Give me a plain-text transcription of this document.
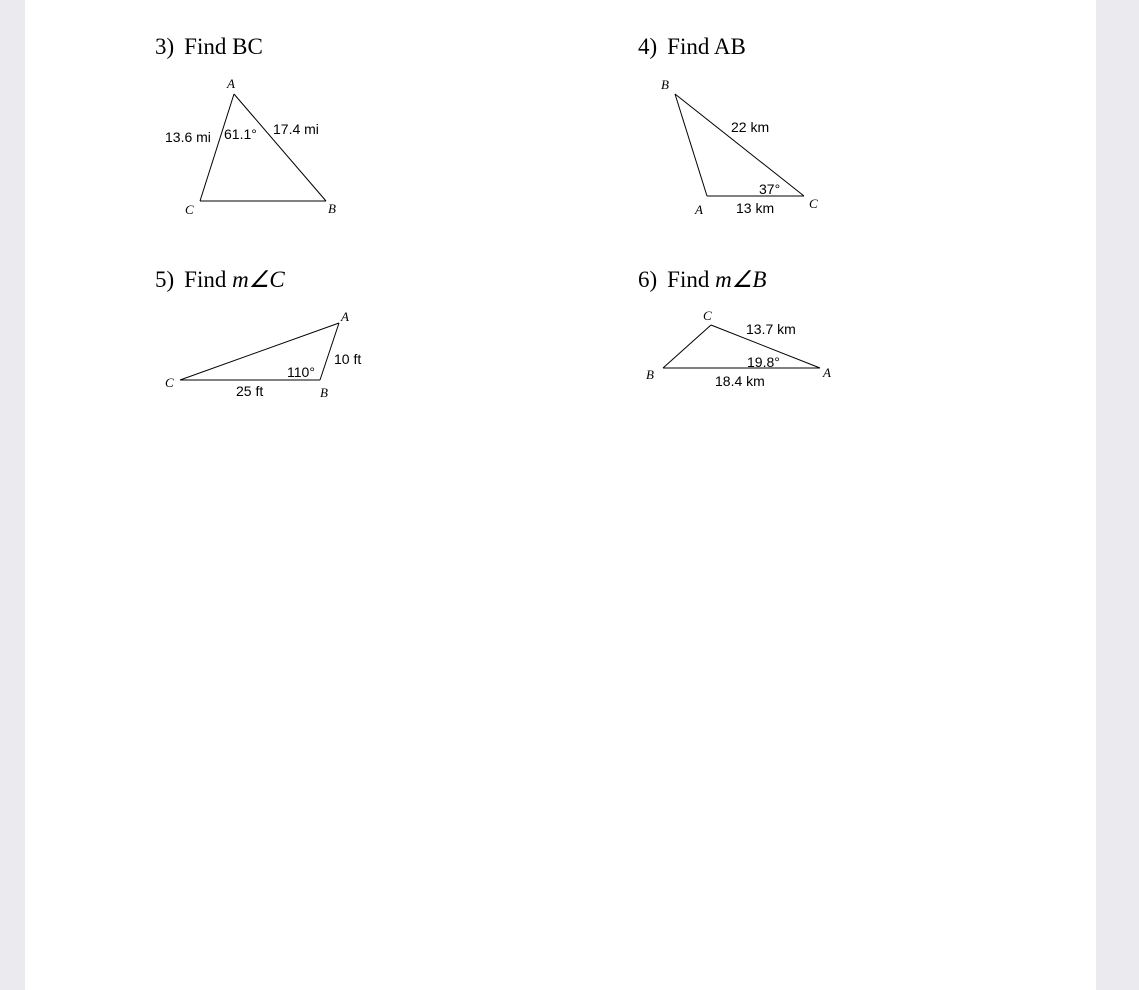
3) Find BC
A
B
C
13.6 mi	17.4 mi
61.1°
4) Find AB
B
A	C
22 km
13 km
37°
5) Find m∠C
A
B
C
10 ft
25 ft
110°
6) Find m∠B
C
B	A
13.7 km
18.4 km
19.8°
